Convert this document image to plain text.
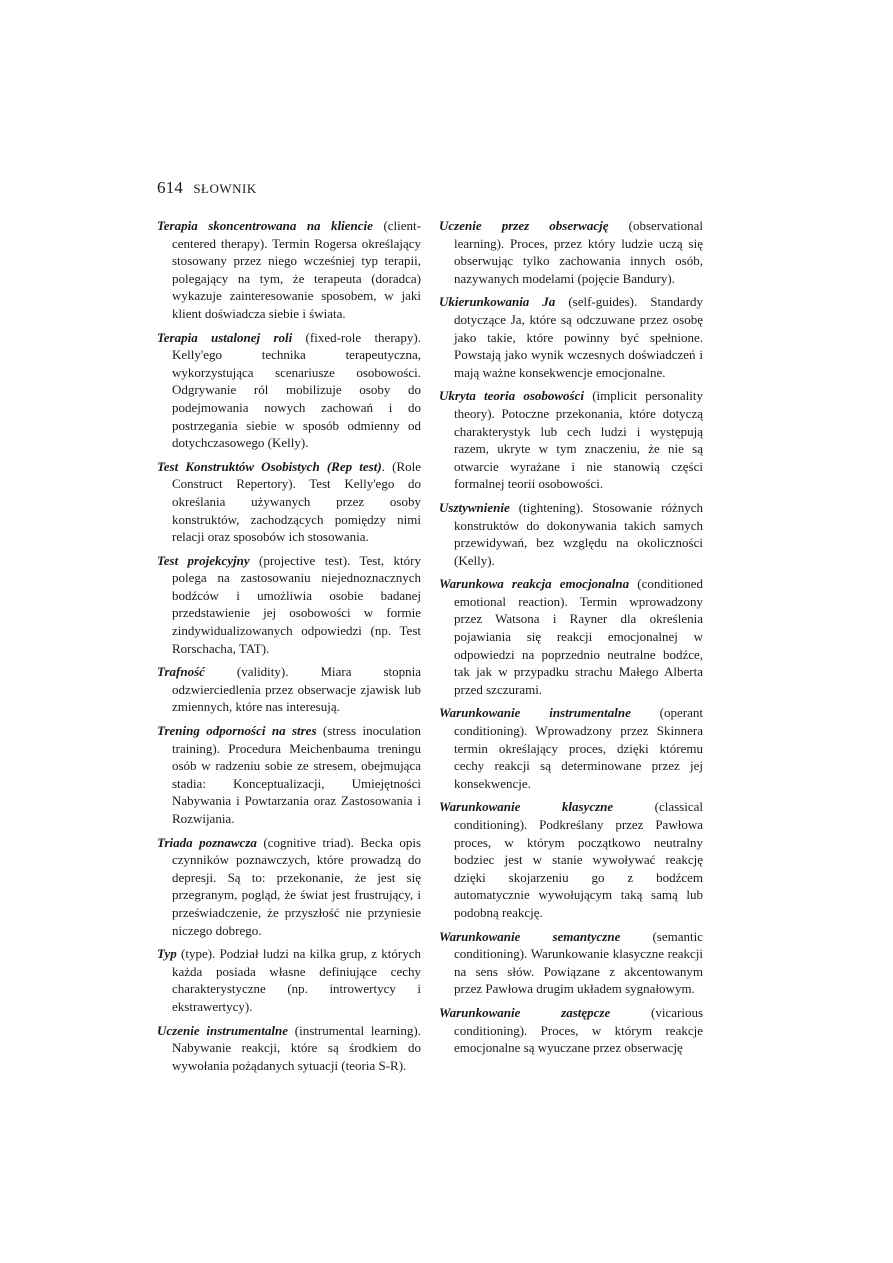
614 SŁOWNIK

Terapia skoncentrowana na kliencie (client-centered therapy). Termin Rogersa określający stosowany przez niego wcześniej typ terapii, polegający na tym, że terapeuta (doradca) wykazuje zainteresowanie sposobem, w jaki klient doświadcza siebie i świata.

Terapia ustalonej roli (fixed-role therapy). Kelly'ego technika terapeutyczna, wykorzystująca scenariusze osobowości. Odgrywanie ról mobilizuje osoby do podejmowania nowych zachowań i do postrzegania siebie w sposób odmienny od dotychczasowego (Kelly).

Test Konstruktów Osobistych (Rep test). (Role Construct Repertory). Test Kelly'ego do określania używanych przez osoby konstruktów, zachodzących pomiędzy nimi relacji oraz sposobów ich stosowania.

Test projekcyjny (projective test). Test, który polega na zastosowaniu niejednoznacznych bodźców i umożliwia osobie badanej przedstawienie jej osobowości w formie zindywidualizowanych odpowiedzi (np. Test Rorschacha, TAT).

Trafność (validity). Miara stopnia odzwierciedlenia przez obserwacje zjawisk lub zmiennych, które nas interesują.

Trening odporności na stres (stress inoculation training). Procedura Meichenbauma treningu osób w radzeniu sobie ze stresem, obejmująca stadia: Konceptualizacji, Umiejętności Nabywania i Powtarzania oraz Zastosowania i Rozwijania.

Triada poznawcza (cognitive triad). Becka opis czynników poznawczych, które prowadzą do depresji. Są to: przekonanie, że jest się przegranym, pogląd, że świat jest frustrujący, i przeświadczenie, że przyszłość nie przyniesie niczego dobrego.

Typ (type). Podział ludzi na kilka grup, z których każda posiada własne definiujące cechy charakterystyczne (np. introwertycy i ekstrawertycy).

Uczenie instrumentalne (instrumental learning). Nabywanie reakcji, które są środkiem do wywołania pożądanych sytuacji (teoria S-R).

Uczenie przez obserwację (observational learning). Proces, przez który ludzie uczą się obserwując tylko zachowania innych osób, nazywanych modelami (pojęcie Bandury).

Ukierunkowania Ja (self-guides). Standardy dotyczące Ja, które są odczuwane przez osobę jako takie, które powinny być spełnione. Powstają jako wynik wczesnych doświadczeń i mają ważne konsekwencje emocjonalne.

Ukryta teoria osobowości (implicit personality theory). Potoczne przekonania, które dotyczą charakterystyk lub cech ludzi i występują razem, ukryte w tym znaczeniu, że nie są otwarcie wyrażane i nie stanowią części formalnej teorii osobowości.

Usztywnienie (tightening). Stosowanie różnych konstruktów do dokonywania takich samych przewidywań, bez względu na okoliczności (Kelly).

Warunkowa reakcja emocjonalna (conditioned emotional reaction). Termin wprowadzony przez Watsona i Rayner dla określenia pojawiania się reakcji emocjonalnej w odpowiedzi na poprzednio neutralne bodźce, tak jak w przypadku strachu Małego Alberta przed szczurami.

Warunkowanie instrumentalne (operant conditioning). Wprowadzony przez Skinnera termin określający proces, dzięki któremu cechy reakcji są determinowane przez jej konsekwencje.

Warunkowanie klasyczne (classical conditioning). Podkreślany przez Pawłowa proces, w którym początkowo neutralny bodziec jest w stanie wywoływać reakcję dzięki skojarzeniu go z bodźcem automatycznie wywołującym taką samą lub podobną reakcję.

Warunkowanie semantyczne (semantic conditioning). Warunkowanie klasyczne reakcji na sens słów. Powiązane z akcentowanym przez Pawłowa drugim układem sygnałowym.

Warunkowanie zastępcze (vicarious conditioning). Proces, w którym reakcje emocjonalne są wyuczane przez obserwację
